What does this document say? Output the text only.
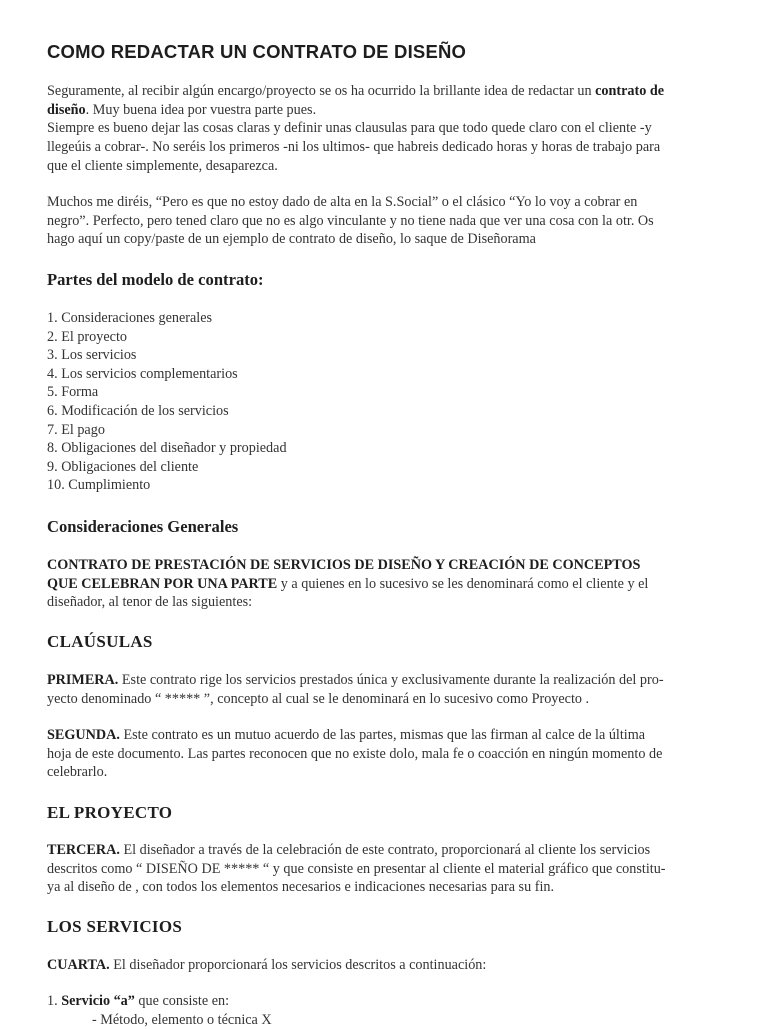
COMO REDACTAR UN CONTRATO DE DISEÑO
Seguramente, al recibir algún encargo/proyecto se os ha ocurrido la brillante idea de redactar un contrato de
diseño. Muy buena idea por vuestra parte pues.
Siempre es bueno dejar las cosas claras y definir unas clausulas para que todo quede claro con el cliente -y
llegeúis a cobrar-. No seréis los primeros -ni los ultimos- que habreis dedicado horas y horas de trabajo para
que el cliente simplemente, desaparezca.
Muchos me diréis, “Pero es que no estoy dado de alta en la S.Social” o el clásico “Yo lo voy a cobrar en
negro”. Perfecto, pero tened claro que no es algo vinculante y no tiene nada que ver una cosa con la otr. Os
hago aquí un copy/paste de un ejemplo de contrato de diseño, lo saque de Diseñorama
Partes del modelo de contrato:
1. Consideraciones generales
2. El proyecto
3. Los servicios
4. Los servicios complementarios
5. Forma
6. Modificación de los servicios
7. El pago
8. Obligaciones del diseñador y propiedad
9. Obligaciones del cliente
10. Cumplimiento
Consideraciones Generales
CONTRATO DE PRESTACIÓN DE SERVICIOS DE DISEÑO Y CREACIÓN DE CONCEPTOS
QUE CELEBRAN POR UNA PARTE y a quienes en lo sucesivo se les denominará como el cliente y el
diseñador, al tenor de las siguientes:
CLAÚSULAS
PRIMERA. Este contrato rige los servicios prestados única y exclusivamente durante la realización del pro-
yecto denominado “ ***** ”, concepto al cual se le denominará en lo sucesivo como Proyecto .
SEGUNDA. Este contrato es un mutuo acuerdo de las partes, mismas que las firman al calce de la última
hoja de este documento. Las partes reconocen que no existe dolo, mala fe o coacción en ningún momento de
celebrarlo.
EL PROYECTO
TERCERA. El diseñador a través de la celebración de este contrato, proporcionará al cliente los servicios
descritos como “ DISEÑO DE ***** “ y que consiste en presentar al cliente el material gráfico que constitu-
ya al diseño de , con todos los elementos necesarios e indicaciones necesarias para su fin.
LOS SERVICIOS
CUARTA. El diseñador proporcionará los servicios descritos a continuación:
1. Servicio “a” que consiste en:
- Método, elemento o técnica X
